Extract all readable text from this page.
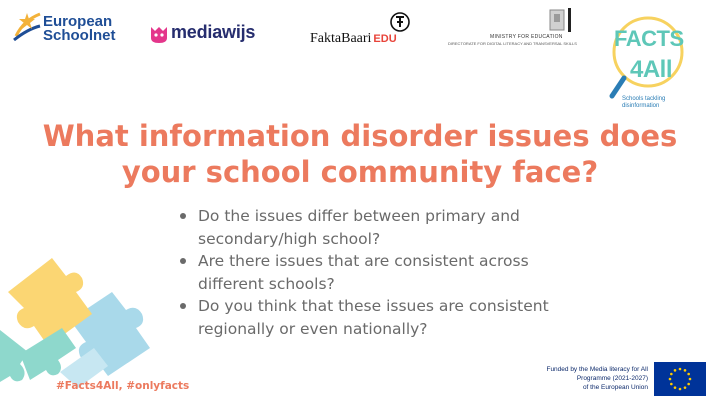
European
Schoolnet	mediawijs	FaktaBaari EDU	MINISTRY FOR EDUCATION
DIRECTORATE FOR DIGITAL LITERACY AND TRANSVERSAL SKILLS FACTS
4All
Schools tackling disinformation
What information disorder issues does your school community face?
Do the issues differ between primary and secondary/high school?
Are there issues that are consistent across different schools?
Do you think that these issues are consistent regionally or even nationally?
#Facts4All, #onlyfacts
Funded by the Media literacy for All
Programme (2021-2027)
of the European Union
